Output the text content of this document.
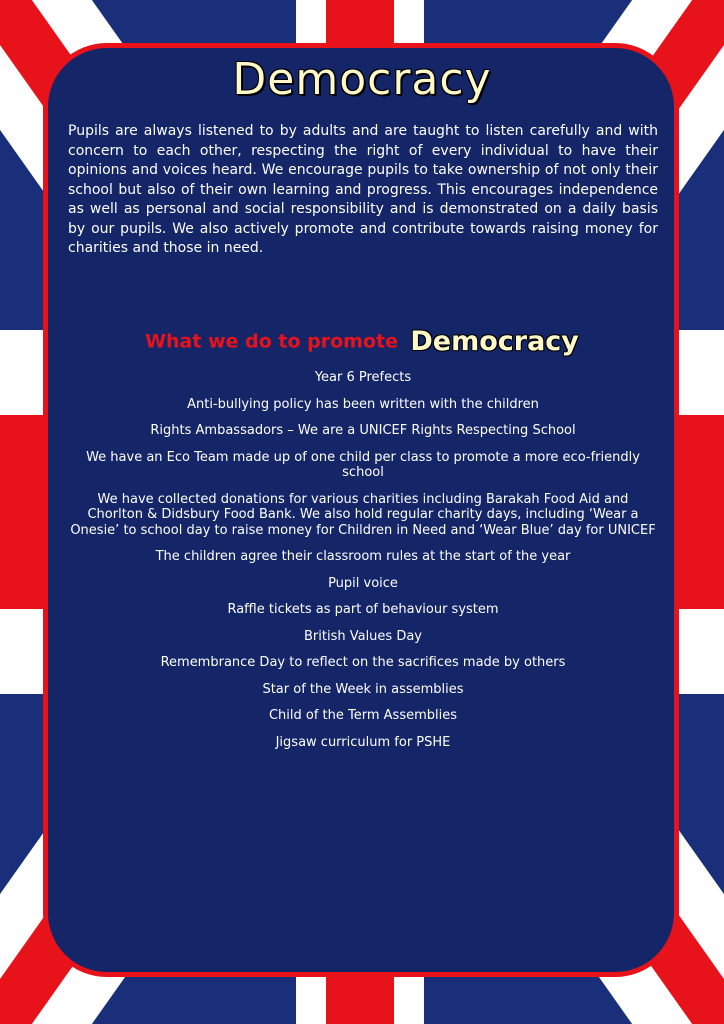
Democracy

Pupils are always listened to by adults and are taught to listen carefully and with concern to each other, respecting the right of every individual to have their opinions and voices heard. We encourage pupils to take ownership of not only their school but also of their own learning and progress. This encourages independence as well as personal and social responsibility and is demonstrated on a daily basis by our pupils. We also actively promote and contribute towards raising money for charities and those in need.

What we do to promote Democracy
Year 6 Prefects
Anti-bullying policy has been written with the children
Rights Ambassadors – We are a UNICEF Rights Respecting School
We have an Eco Team made up of one child per class to promote a more eco-friendly school
We have collected donations for various charities including Barakah Food Aid and Chorlton & Didsbury Food Bank. We also hold regular charity days, including ‘Wear a Onesie’ to school day to raise money for Children in Need and ‘Wear Blue’ day for UNICEF
The children agree their classroom rules at the start of the year
Pupil voice
Raffle tickets as part of behaviour system
British Values Day
Remembrance Day to reflect on the sacrifices made by others
Star of the Week in assemblies
Child of the Term Assemblies
Jigsaw curriculum for PSHE
